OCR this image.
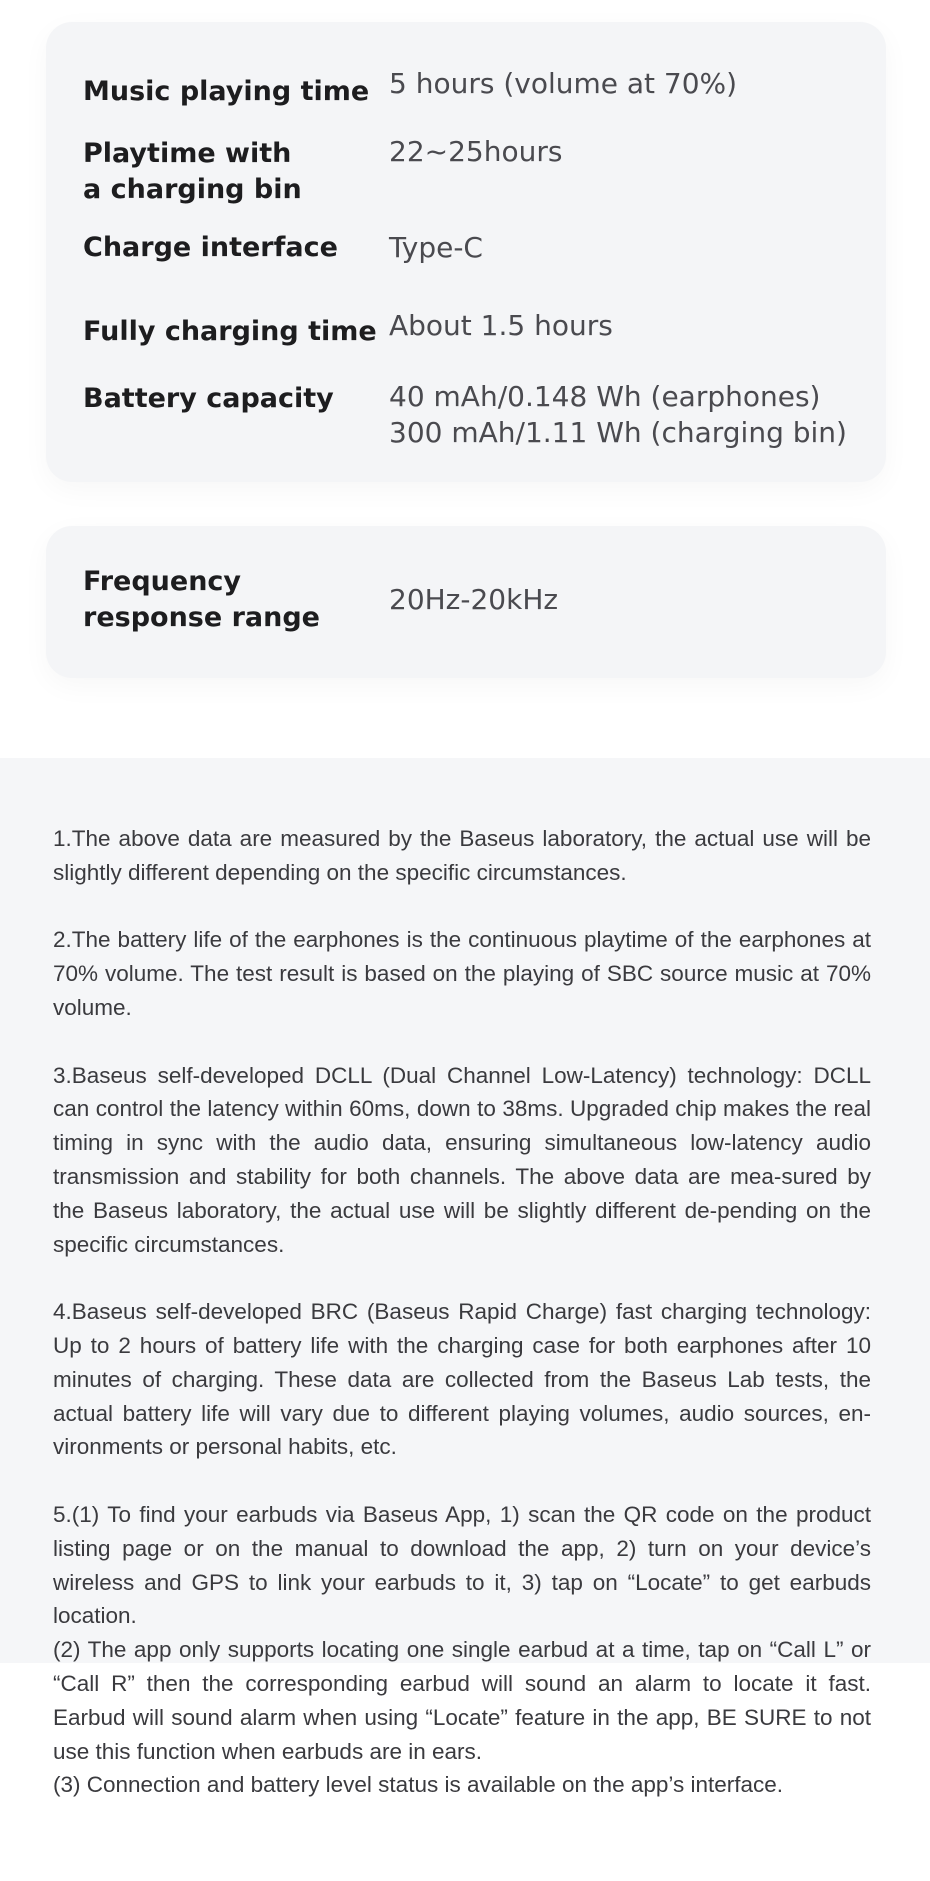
Music playing time 5 hours (volume at 70%)
Playtime with
a charging bin
22~25hours
Charge interface	Type-C
Fully charging time About 1.5 hours
Battery capacity	40 mAh/0.148 Wh (earphones)
300 mAh/1.11 Wh (charging bin)
Frequency
response range
20Hz-20kHz

1.The above data are measured by the Baseus laboratory, the actual use will be slightly different depending on the specific circumstances.

2.The battery life of the earphones is the continuous playtime of the earphones at 70% volume. The test result is based on the playing of SBC source music at 70% volume.

3.Baseus self-developed DCLL (Dual Channel Low-Latency) technology: DCLL can control the latency within 60ms, down to 38ms. Upgraded chip makes the real timing in sync with the audio data, ensuring simultaneous low-latency audio transmission and stability for both channels. The above data are mea-sured by the Baseus laboratory, the actual use will be slightly different de-pending on the specific circumstances.

4.Baseus self-developed BRC (Baseus Rapid Charge) fast charging technology: Up to 2 hours of battery life with the charging case for both earphones after 10 minutes of charging. These data are collected from the Baseus Lab tests, the actual battery life will vary due to different playing volumes, audio sources, en-vironments or personal habits, etc.

5.(1) To find your earbuds via Baseus App, 1) scan the QR code on the product listing page or on the manual to download the app, 2) turn on your device’s wireless and GPS to link your earbuds to it, 3) tap on “Locate” to get earbuds location.

(2) The app only supports locating one single earbud at a time, tap on “Call L” or “Call R” then the corresponding earbud will sound an alarm to locate it fast. Earbud will sound alarm when using “Locate” feature in the app, BE SURE to not use this function when earbuds are in ears.

(3) Connection and battery level status is available on the app’s interface.
